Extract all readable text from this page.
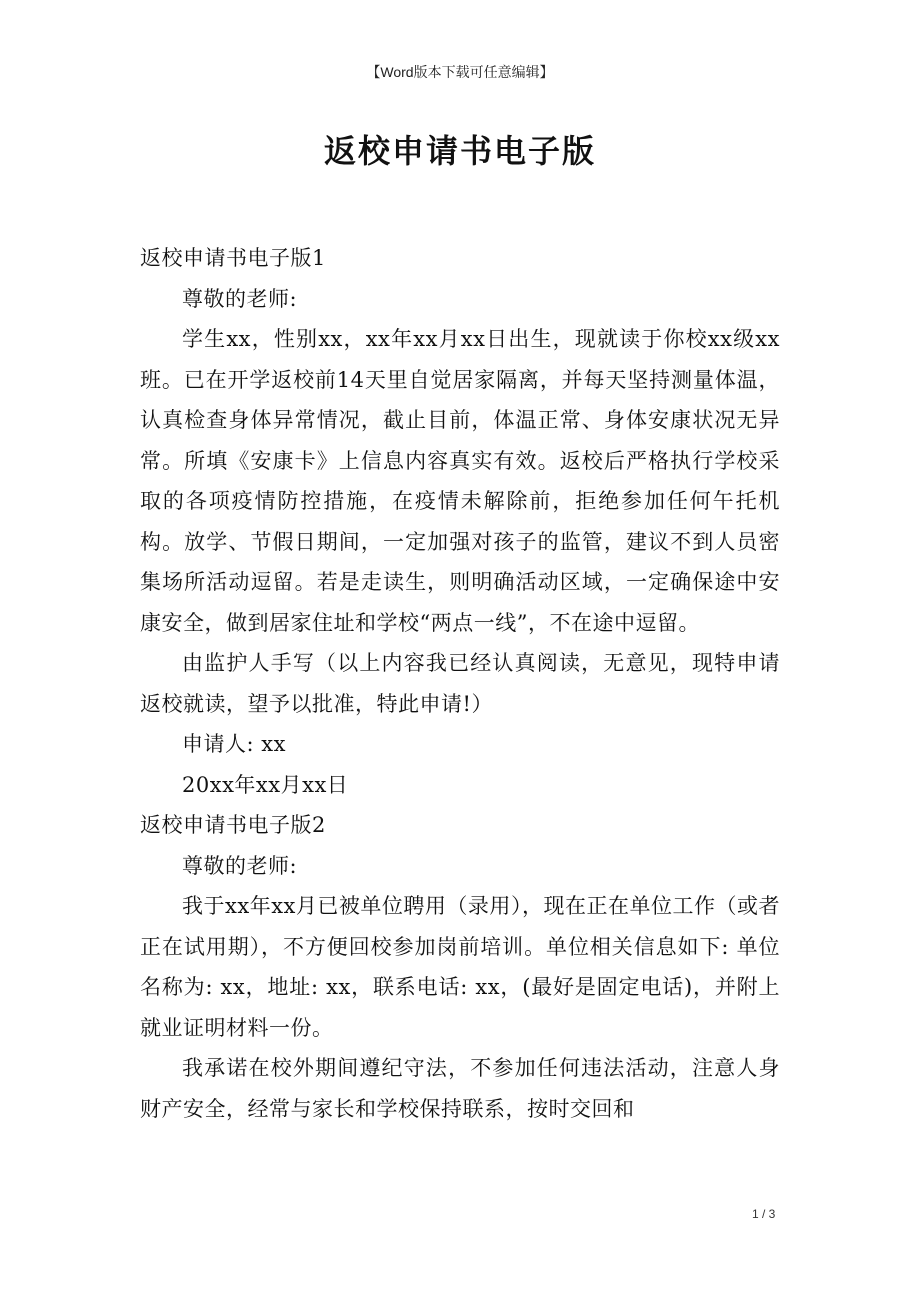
【Word版本下载可任意编辑】
返校申请书电子版

返校申请书电子版1

尊敬的老师:

学生xx，性别xx，xx年xx月xx日出生，现就读于你校xx级xx班。已在开学返校前14天里自觉居家隔离，并每天坚持测量体温，认真检查身体异常情况，截止目前，体温正常、身体安康状况无异常。所填《安康卡》上信息内容真实有效。返校后严格执行学校采取的各项疫情防控措施，在疫情未解除前，拒绝参加任何午托机构。放学、节假日期间，一定加强对孩子的监管，建议不到人员密集场所活动逗留。若是走读生，则明确活动区域，一定确保途中安康安全，做到居家住址和学校“两点一线”，不在途中逗留。

由监护人手写（以上内容我已经认真阅读，无意见，现特申请返校就读，望予以批准，特此申请!）

申请人: xx

20xx年xx月xx日

返校申请书电子版2

尊敬的老师:

我于xx年xx月已被单位聘用（录用），现在正在单位工作（或者正在试用期），不方便回校参加岗前培训。单位相关信息如下: 单位名称为: xx，地址: xx，联系电话: xx，(最好是固定电话)，并附上就业证明材料一份。

我承诺在校外期间遵纪守法，不参加任何违法活动，注意人身财产安全，经常与家长和学校保持联系，按时交回和

1 / 3
